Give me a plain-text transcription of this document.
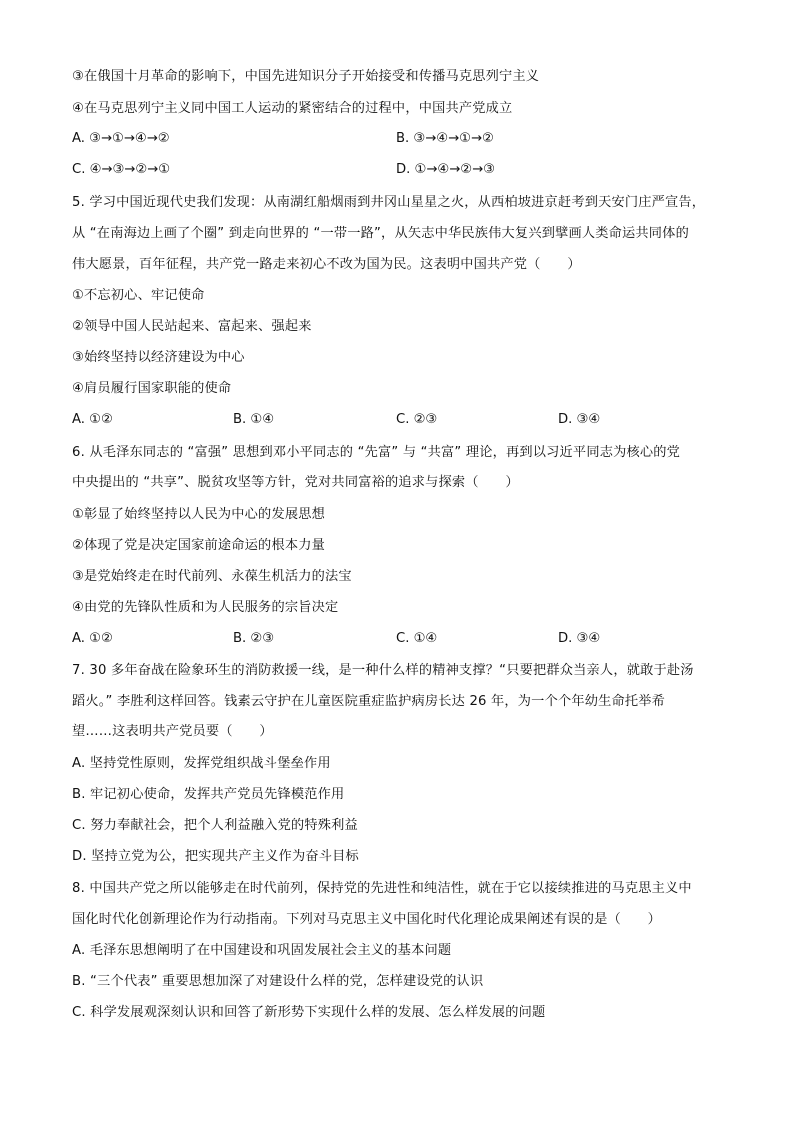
③在俄国十月革命的影响下，中国先进知识分子开始接受和传播马克思列宁主义
④在马克思列宁主义同中国工人运动的紧密结合的过程中，中国共产党成立
A. ③→①→④→②	B. ③→④→①→②
C. ④→③→②→①	D. ①→④→②→③
5. 学习中国近现代史我们发现：从南湖红船烟雨到井冈山星星之火，从西柏坡进京赶考到天安门庄严宣告，
从 “在南海边上画了个圈” 到走向世界的 “一带一路”，从矢志中华民族伟大复兴到擘画人类命运共同体的
伟大愿景，百年征程，共产党一路走来初心不改为国为民。这表明中国共产党（　　）
①不忘初心、牢记使命
②领导中国人民站起来、富起来、强起来
③始终坚持以经济建设为中心
④肩员履行国家职能的使命
A. ①②	B. ①④	C. ②③	D. ③④
6. 从毛泽东同志的 “富强” 思想到邓小平同志的 “先富” 与 “共富” 理论，再到以习近平同志为核心的党
中央提出的 “共享”、脱贫攻坚等方针，党对共同富裕的追求与探索（　　）
①彰显了始终坚持以人民为中心的发展思想
②体现了党是决定国家前途命运的根本力量
③是党始终走在时代前列、永葆生机活力的法宝
④由党的先锋队性质和为人民服务的宗旨决定
A. ①②	B. ②③	C. ①④	D. ③④
7. 30 多年奋战在险象环生的消防救援一线，是一种什么样的精神支撑？“只要把群众当亲人，就敢于赴汤
蹈火。” 李胜利这样回答。钱素云守护在儿童医院重症监护病房长达 26 年，为一个个年幼生命托举希
望……这表明共产党员要（　　）
A. 坚持党性原则，发挥党组织战斗堡垒作用
B. 牢记初心使命，发挥共产党员先锋模范作用
C. 努力奉献社会，把个人利益融入党的特殊利益
D. 坚持立党为公，把实现共产主义作为奋斗目标
8. 中国共产党之所以能够走在时代前列，保持党的先进性和纯洁性，就在于它以接续推进的马克思主义中
国化时代化创新理论作为行动指南。下列对马克思主义中国化时代化理论成果阐述有误的是（　　）
A. 毛泽东思想阐明了在中国建设和巩固发展社会主义的基本问题
B. “三个代表” 重要思想加深了对建设什么样的党，怎样建设党的认识
C. 科学发展观深刻认识和回答了新形势下实现什么样的发展、怎么样发展的问题
